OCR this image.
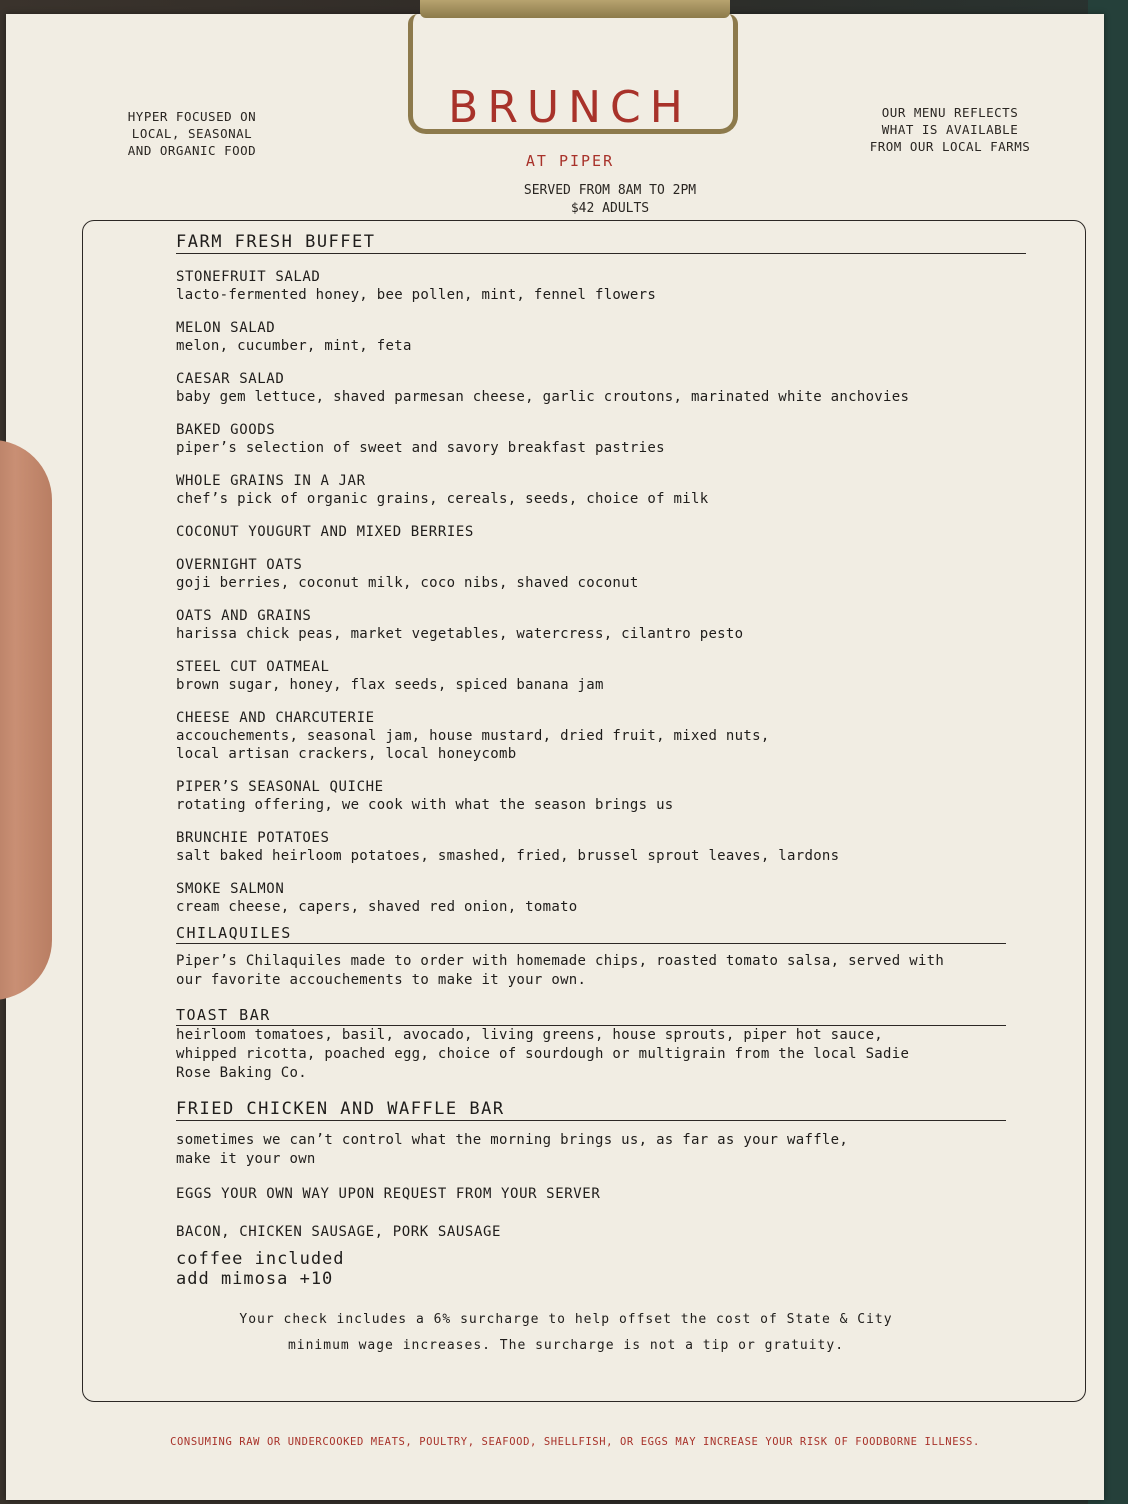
HYPER FOCUSED ON
LOCAL, SEASONAL
AND ORGANIC FOOD
OUR MENU REFLECTS
WHAT IS AVAILABLE
FROM OUR LOCAL FARMS
BRUNCH
AT PIPER
SERVED FROM 8AM TO 2PM
$42 ADULTS
FARM FRESH BUFFET
STONEFRUIT SALAD
lacto-fermented honey, bee pollen, mint, fennel flowers
MELON SALAD
melon, cucumber, mint, feta
CAESAR SALAD
baby gem lettuce, shaved parmesan cheese, garlic croutons, marinated white anchovies
BAKED GOODS
piper’s selection of sweet and savory breakfast pastries
WHOLE GRAINS IN A JAR
chef’s pick of organic grains, cereals, seeds, choice of milk
COCONUT YOUGURT AND MIXED BERRIES
OVERNIGHT OATS
goji berries, coconut milk, coco nibs, shaved coconut
OATS AND GRAINS
harissa chick peas, market vegetables, watercress, cilantro pesto
STEEL CUT OATMEAL
brown sugar, honey, flax seeds, spiced banana jam
CHEESE AND CHARCUTERIE
accouchements, seasonal jam, house mustard, dried fruit, mixed nuts,
local artisan crackers, local honeycomb
PIPER’S SEASONAL QUICHE
rotating offering, we cook with what the season brings us
BRUNCHIE POTATOES
salt baked heirloom potatoes, smashed, fried, brussel sprout leaves, lardons
SMOKE SALMON
cream cheese, capers, shaved red onion, tomato
CHILAQUILES
Piper’s Chilaquiles made to order with homemade chips, roasted tomato salsa, served with
our favorite accouchements to make it your own.
TOAST BAR
heirloom tomatoes, basil, avocado, living greens, house sprouts, piper hot sauce,
whipped ricotta, poached egg, choice of sourdough or multigrain from the local Sadie
Rose Baking Co.
FRIED CHICKEN AND WAFFLE BAR
sometimes we can’t control what the morning brings us, as far as your waffle,
make it your own
EGGS YOUR OWN WAY UPON REQUEST FROM YOUR SERVER
BACON, CHICKEN SAUSAGE, PORK SAUSAGE
coffee included
add mimosa +10
Your check includes a 6% surcharge to help offset the cost of State & City
minimum wage increases. The surcharge is not a tip or gratuity.
CONSUMING RAW OR UNDERCOOKED MEATS, POULTRY, SEAFOOD, SHELLFISH, OR EGGS MAY INCREASE YOUR RISK OF FOODBORNE ILLNESS.
